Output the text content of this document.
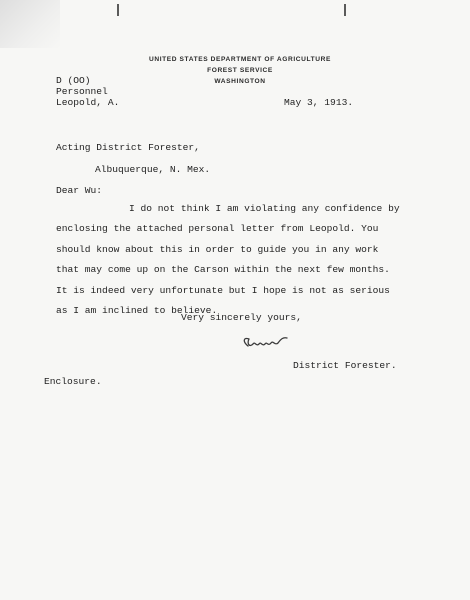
UNITED STATES DEPARTMENT OF AGRICULTURE
FOREST SERVICE
WASHINGTON
D (OO)
Personnel
Leopold, A.	May 3, 1913.
Acting District Forester,
Albuquerque, N. Mex.
Dear Wu:
I do not think I am violating any confidence by
enclosing the attached personal letter from Leopold. You
should know about this in order to guide you in any work
that may come up on the Carson within the next few months.
It is indeed very unfortunate but I hope is not as serious
as I am inclined to believe.
Very sincerely yours,
District Forester.
Enclosure.
